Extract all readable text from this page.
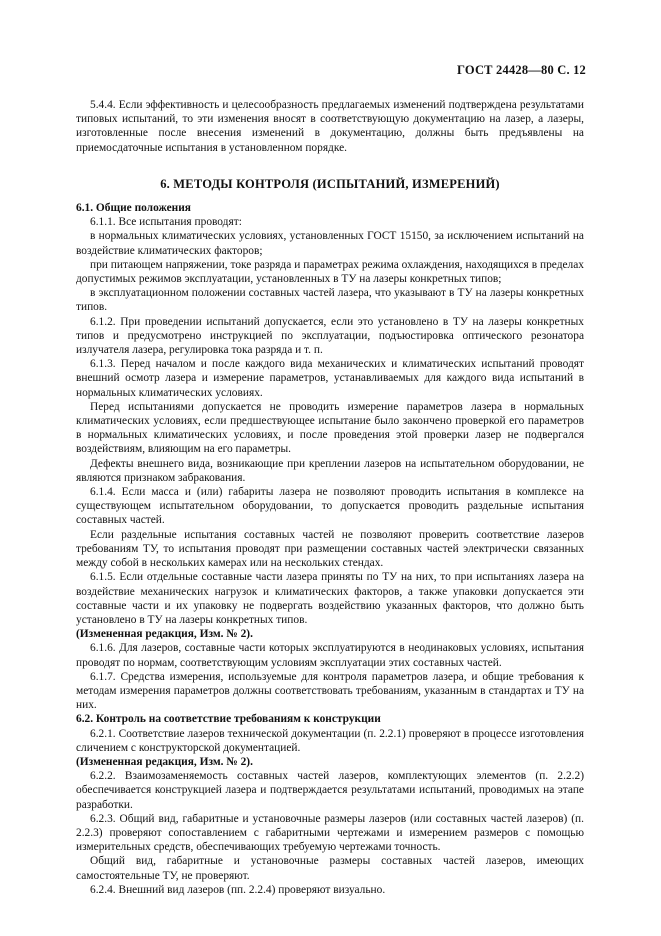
ГОСТ 24428—80 С. 12

5.4.4. Если эффективность и целесообразность предлагаемых изменений подтверждена результатами типовых испытаний, то эти изменения вносят в соответствующую документацию на лазер, а лазеры, изготовленные после внесения изменений в документацию, должны быть предъявлены на приемосдаточные испытания в установленном порядке.

6. МЕТОДЫ КОНТРОЛЯ (ИСПЫТАНИЙ, ИЗМЕРЕНИЙ)

6.1. Общие положения

6.1.1. Все испытания проводят:

в нормальных климатических условиях, установленных ГОСТ 15150, за исключением испытаний на воздействие климатических факторов;

при питающем напряжении, токе разряда и параметрах режима охлаждения, находящихся в пределах допустимых режимов эксплуатации, установленных в ТУ на лазеры конкретных типов;

в эксплуатационном положении составных частей лазера, что указывают в ТУ на лазеры конкретных типов.

6.1.2. При проведении испытаний допускается, если это установлено в ТУ на лазеры конкретных типов и предусмотрено инструкцией по эксплуатации, подъюстировка оптического резонатора излучателя лазера, регулировка тока разряда и т. п.

6.1.3. Перед началом и после каждого вида механических и климатических испытаний проводят внешний осмотр лазера и измерение параметров, устанавливаемых для каждого вида испытаний в нормальных климатических условиях.

Перед испытаниями допускается не проводить измерение параметров лазера в нормальных климатических условиях, если предшествующее испытание было закончено проверкой его параметров в нормальных климатических условиях, и после проведения этой проверки лазер не подвергался воздействиям, влияющим на его параметры.

Дефекты внешнего вида, возникающие при креплении лазеров на испытательном оборудовании, не являются признаком забракования.

6.1.4. Если масса и (или) габариты лазера не позволяют проводить испытания в комплексе на существующем испытательном оборудовании, то допускается проводить раздельные испытания составных частей.

Если раздельные испытания составных частей не позволяют проверить соответствие лазеров требованиям ТУ, то испытания проводят при размещении составных частей электрически связанных между собой в нескольких камерах или на нескольких стендах.

6.1.5. Если отдельные составные части лазера приняты по ТУ на них, то при испытаниях лазера на воздействие механических нагрузок и климатических факторов, а также упаковки допускается эти составные части и их упаковку не подвергать воздействию указанных факторов, что должно быть установлено в ТУ на лазеры конкретных типов.

(Измененная редакция, Изм. № 2).

6.1.6. Для лазеров, составные части которых эксплуатируются в неодинаковых условиях, испытания проводят по нормам, соответствующим условиям эксплуатации этих составных частей.

6.1.7. Средства измерения, используемые для контроля параметров лазера, и общие требования к методам измерения параметров должны соответствовать требованиям, указанным в стандартах и ТУ на них.

6.2. Контроль на соответствие требованиям к конструкции

6.2.1. Соответствие лазеров технической документации (п. 2.2.1) проверяют в процессе изготовления сличением с конструкторской документацией.

(Измененная редакция, Изм. № 2).

6.2.2. Взаимозаменяемость составных частей лазеров, комплектующих элементов (п. 2.2.2) обеспечивается конструкцией лазера и подтверждается результатами испытаний, проводимых на этапе разработки.

6.2.3. Общий вид, габаритные и установочные размеры лазеров (или составных частей лазеров) (п. 2.2.3) проверяют сопоставлением с габаритными чертежами и измерением размеров с помощью измерительных средств, обеспечивающих требуемую чертежами точность.

Общий вид, габаритные и установочные размеры составных частей лазеров, имеющих самостоятельные ТУ, не проверяют.

6.2.4. Внешний вид лазеров (пп. 2.2.4) проверяют визуально.
